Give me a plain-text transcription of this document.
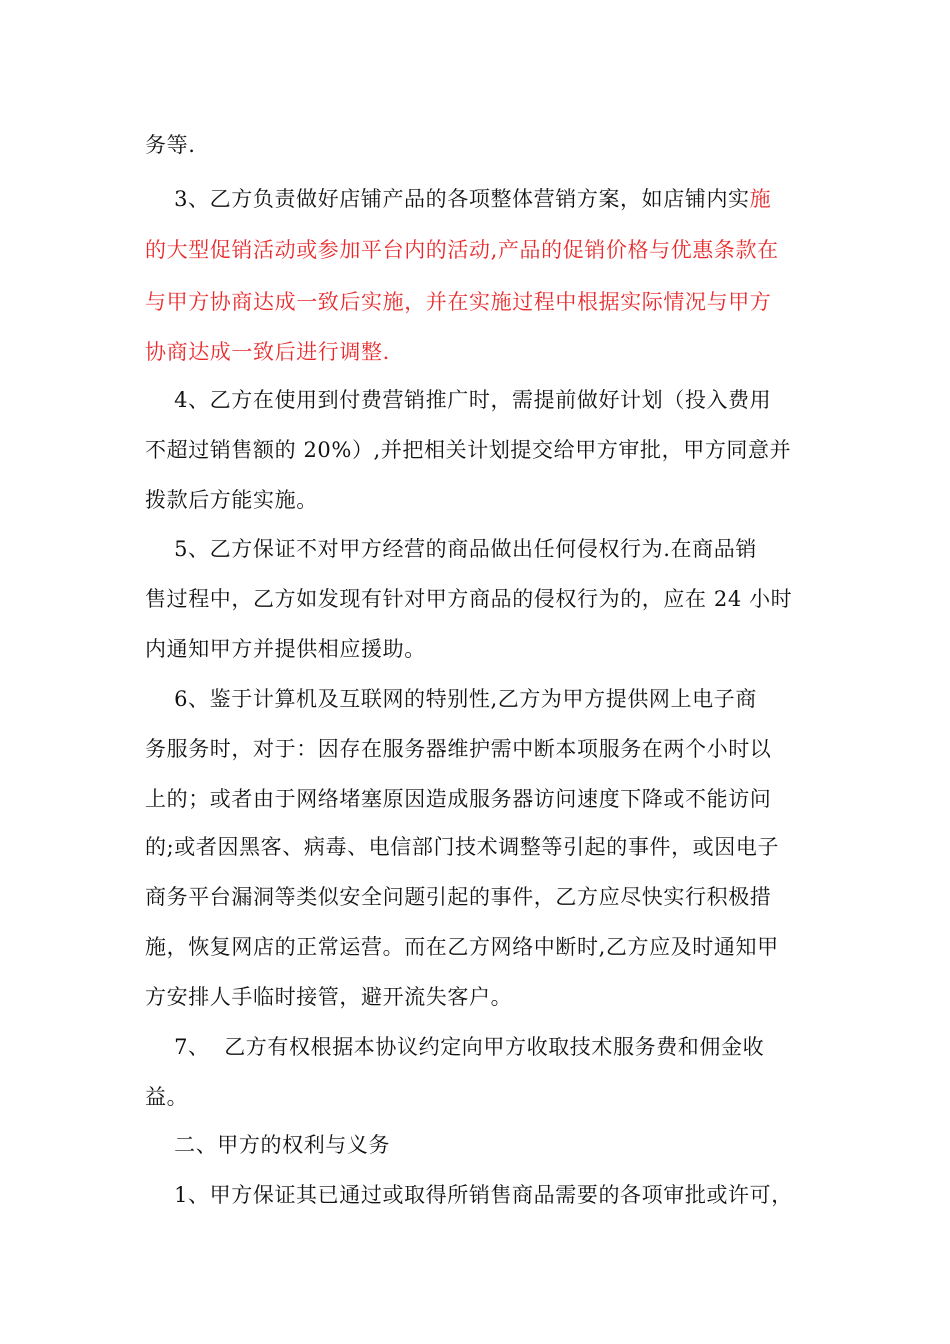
务等.
3、乙方负责做好店铺产品的各项整体营销方案，如店铺内实施
的大型促销活动或参加平台内的活动,产品的促销价格与优惠条款在
与甲方协商达成一致后实施，并在实施过程中根据实际情况与甲方
协商达成一致后进行调整.
4、乙方在使用到付费营销推广时，需提前做好计划（投入费用
不超过销售额的 20%）,并把相关计划提交给甲方审批，甲方同意并
拨款后方能实施。
5、乙方保证不对甲方经营的商品做出任何侵权行为.在商品销
售过程中，乙方如发现有针对甲方商品的侵权行为的，应在 24 小时
内通知甲方并提供相应援助。
6、鉴于计算机及互联网的特别性,乙方为甲方提供网上电子商
务服务时，对于：因存在服务器维护需中断本项服务在两个小时以
上的；或者由于网络堵塞原因造成服务器访问速度下降或不能访问
的;或者因黑客、病毒、电信部门技术调整等引起的事件，或因电子
商务平台漏洞等类似安全问题引起的事件，乙方应尽快实行积极措
施，恢复网店的正常运营。而在乙方网络中断时,乙方应及时通知甲
方安排人手临时接管，避开流失客户。
7、  乙方有权根据本协议约定向甲方收取技术服务费和佣金收
益。
二、甲方的权利与义务
1、甲方保证其已通过或取得所销售商品需要的各项审批或许可，
